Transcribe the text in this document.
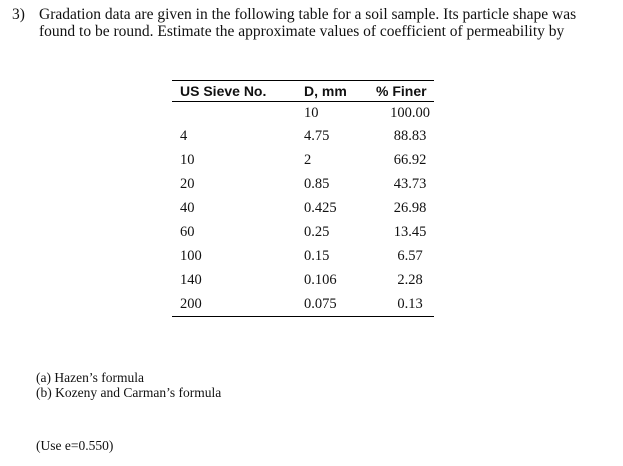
3) Gradation data are given in the following table for a soil sample. Its particle shape was found to be round. Estimate the approximate values of coefficient of permeability by
US Sieve No.	D, mm	% Finer
	10	100.00
4	4.75	88.83
10	2	66.92
20	0.85	43.73
40	0.425	26.98
60	0.25	13.45
100	0.15	6.57
140	0.106	2.28
200	0.075	0.13
(a) Hazen’s formula
(b) Kozeny and Carman’s formula
(Use e=0.550)
